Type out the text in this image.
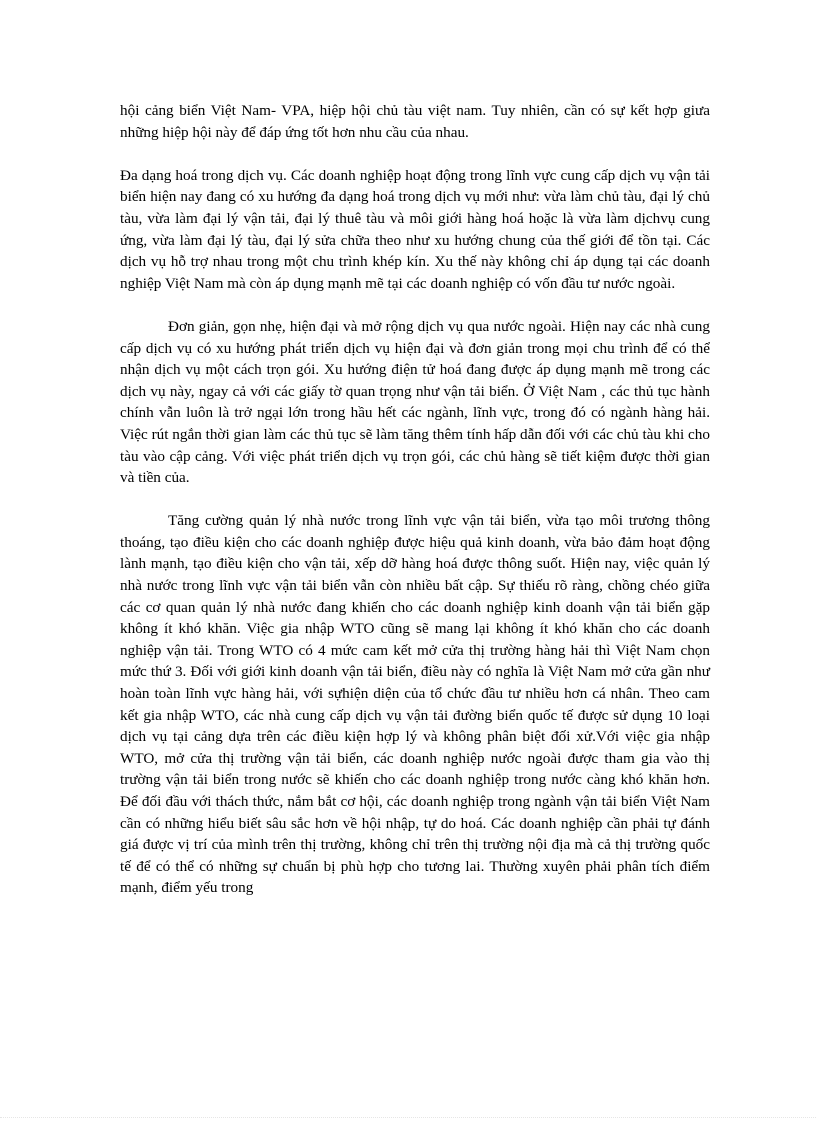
hội cảng biển Việt Nam- VPA, hiệp hội chủ tàu việt nam. Tuy nhiên, cần có sự kết hợp giưa những hiệp hội này để đáp ứng tốt hơn nhu cầu của nhau.

Đa dạng hoá trong dịch vụ. Các doanh nghiệp hoạt động trong lĩnh vực cung cấp dịch vụ vận tải biển hiện nay đang có xu hướng đa dạng hoá trong dịch vụ mới như: vừa làm chủ tàu, đại lý chủ tàu, vừa làm đại lý vận tải, đại lý thuê tàu và môi giới hàng hoá hoặc là vừa làm dịchvụ cung ứng, vừa làm đại lý tàu, đại lý sửa chữa theo như xu hướng chung của thế giới để tồn tại. Các dịch vụ hỗ trợ nhau trong một chu trình khép kín. Xu thế này không chỉ áp dụng tại các doanh nghiệp Việt Nam mà còn áp dụng mạnh mẽ tại các doanh nghiệp có vốn đầu tư nước ngoài.

Đơn giản, gọn nhẹ, hiện đại và mở rộng dịch vụ qua nước ngoài. Hiện nay các nhà cung cấp dịch vụ có xu hướng phát triển dịch vụ hiện đại và đơn giản trong mọi chu trình để có thể nhận dịch vụ một cách trọn gói. Xu hướng điện tử hoá đang được áp dụng mạnh mẽ trong các dịch vụ này, ngay cả với các giấy tờ quan trọng như vận tải biển. Ở Việt Nam , các thủ tục hành chính vẫn luôn là trở ngại lớn trong hầu hết các ngành, lĩnh vực, trong đó có ngành hàng hải. Việc rút ngắn thời gian làm các thủ tục sẽ làm tăng thêm tính hấp dẫn đối với các chủ tàu khi cho tàu vào cập cảng. Với việc phát triển dịch vụ trọn gói, các chủ hàng sẽ tiết kiệm được thời gian và tiền của.

Tăng cường quản lý nhà nước trong lĩnh vực vận tải biển, vừa tạo môi trương thông thoáng, tạo điều kiện cho các doanh nghiệp được hiệu quả kinh doanh, vừa bảo đảm hoạt động lành mạnh, tạo điều kiện cho vận tải, xếp dỡ hàng hoá được thông suốt. Hiện nay, việc quản lý nhà nước trong lĩnh vực vận tải biển vẫn còn nhiều bất cập. Sự thiếu rõ ràng, chồng chéo giữa các cơ quan quản lý nhà nước đang khiến cho các doanh nghiệp kinh doanh vận tải biển gặp không ít khó khăn. Việc gia nhập WTO cũng sẽ mang lại không ít khó khăn cho các doanh nghiệp vận tải. Trong WTO có 4 mức cam kết mở cửa thị trường hàng hải thì Việt Nam chọn mức thứ 3. Đối với giới kinh doanh vận tải biển, điều này có nghĩa là Việt Nam mở cửa gần như hoàn toàn lĩnh vực hàng hải, với sựhiện diện của tổ chức đầu tư nhiều hơn cá nhân. Theo cam kết gia nhập WTO, các nhà cung cấp dịch vụ vận tải đường biển quốc tế được sử dụng 10 loại dịch vụ tại cảng dựa trên các điều kiện hợp lý và không phân biệt đối xử.Với việc gia nhập WTO, mở cửa thị trường vận tải biển, các doanh nghiệp nước ngoài được tham gia vào thị trường vận tải biển trong nước sẽ khiến cho các doanh nghiệp trong nước càng khó khăn hơn. Để đối đầu với thách thức, nắm bắt cơ hội, các doanh nghiệp trong ngành vận tải biển Việt Nam cần có những hiểu biết sâu sắc hơn về hội nhập, tự do hoá. Các doanh nghiệp cần phải tự đánh giá được vị trí của mình trên thị trường, không chỉ trên thị trường nội địa mà cả thị trường quốc tế để có thể có những sự chuẩn bị phù hợp cho tương lai. Thường xuyên phải phân tích điểm mạnh, điểm yếu trong
